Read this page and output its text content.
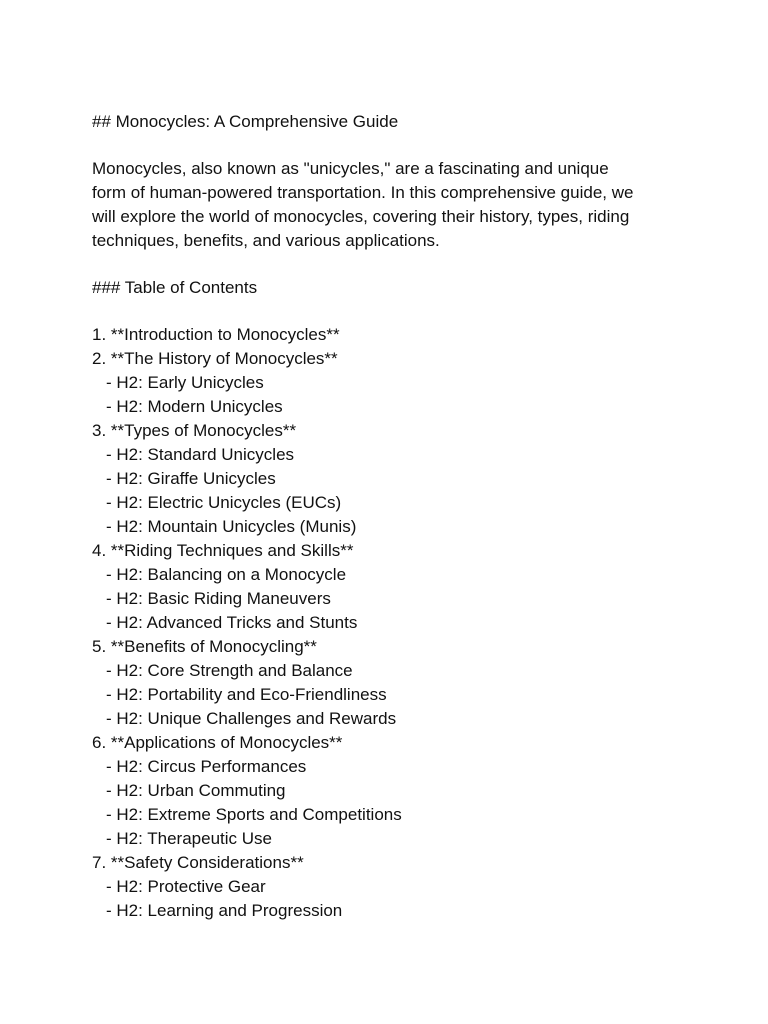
## Monocycles: A Comprehensive Guide

Monocycles, also known as "unicycles," are a fascinating and unique

form of human-powered transportation. In this comprehensive guide, we

will explore the world of monocycles, covering their history, types, riding

techniques, benefits, and various applications.

### Table of Contents

1. **Introduction to Monocycles**

2. **The History of Monocycles**

- H2: Early Unicycles

- H2: Modern Unicycles

3. **Types of Monocycles**

- H2: Standard Unicycles

- H2: Giraffe Unicycles

- H2: Electric Unicycles (EUCs)

- H2: Mountain Unicycles (Munis)

4. **Riding Techniques and Skills**

- H2: Balancing on a Monocycle

- H2: Basic Riding Maneuvers

- H2: Advanced Tricks and Stunts

5. **Benefits of Monocycling**

- H2: Core Strength and Balance

- H2: Portability and Eco-Friendliness

- H2: Unique Challenges and Rewards

6. **Applications of Monocycles**

- H2: Circus Performances

- H2: Urban Commuting

- H2: Extreme Sports and Competitions

- H2: Therapeutic Use

7. **Safety Considerations**

- H2: Protective Gear

- H2: Learning and Progression
